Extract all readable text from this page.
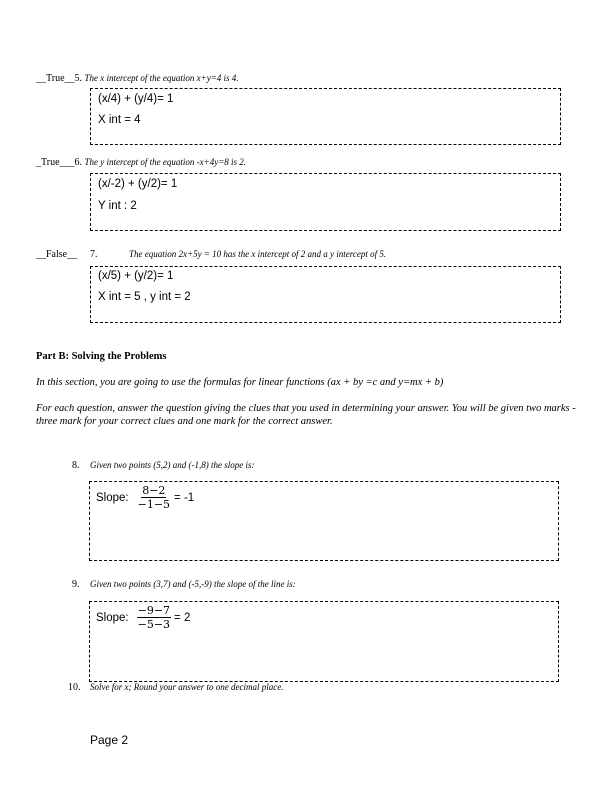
__True__5. The x intercept of the equation x+y=4 is 4.
(x/4) + (y/4)= 1
X int = 4
_True___6. The y intercept of the equation -x+4y=8 is 2.
(x/-2) + (y/2)= 1
Y int : 2
__False__ 7.	The equation 2x+5y = 10 has the x intercept of 2 and a y intercept of 5.
(x/5) + (y/2)= 1
X int = 5 , y int = 2
Part B: Solving the Problems
In this section, you are going to use the formulas for linear functions (ax + by =c and y=mx + b)
For each question, answer the question giving the clues that you used in determining your answer. You will be given two marks - three mark for your correct clues and one mark for the correct answer.
8. Given two points (5,2) and (-1,8) the slope is:
Slope: $\frac{8-2}{-1-5} = -1$
9. Given two points (3,7) and (-5,-9) the slope of the line is:
Slope: $\frac{-9-7}{-5-3} = 2$
10. Solve for x; Round your answer to one decimal place.
Page 2
